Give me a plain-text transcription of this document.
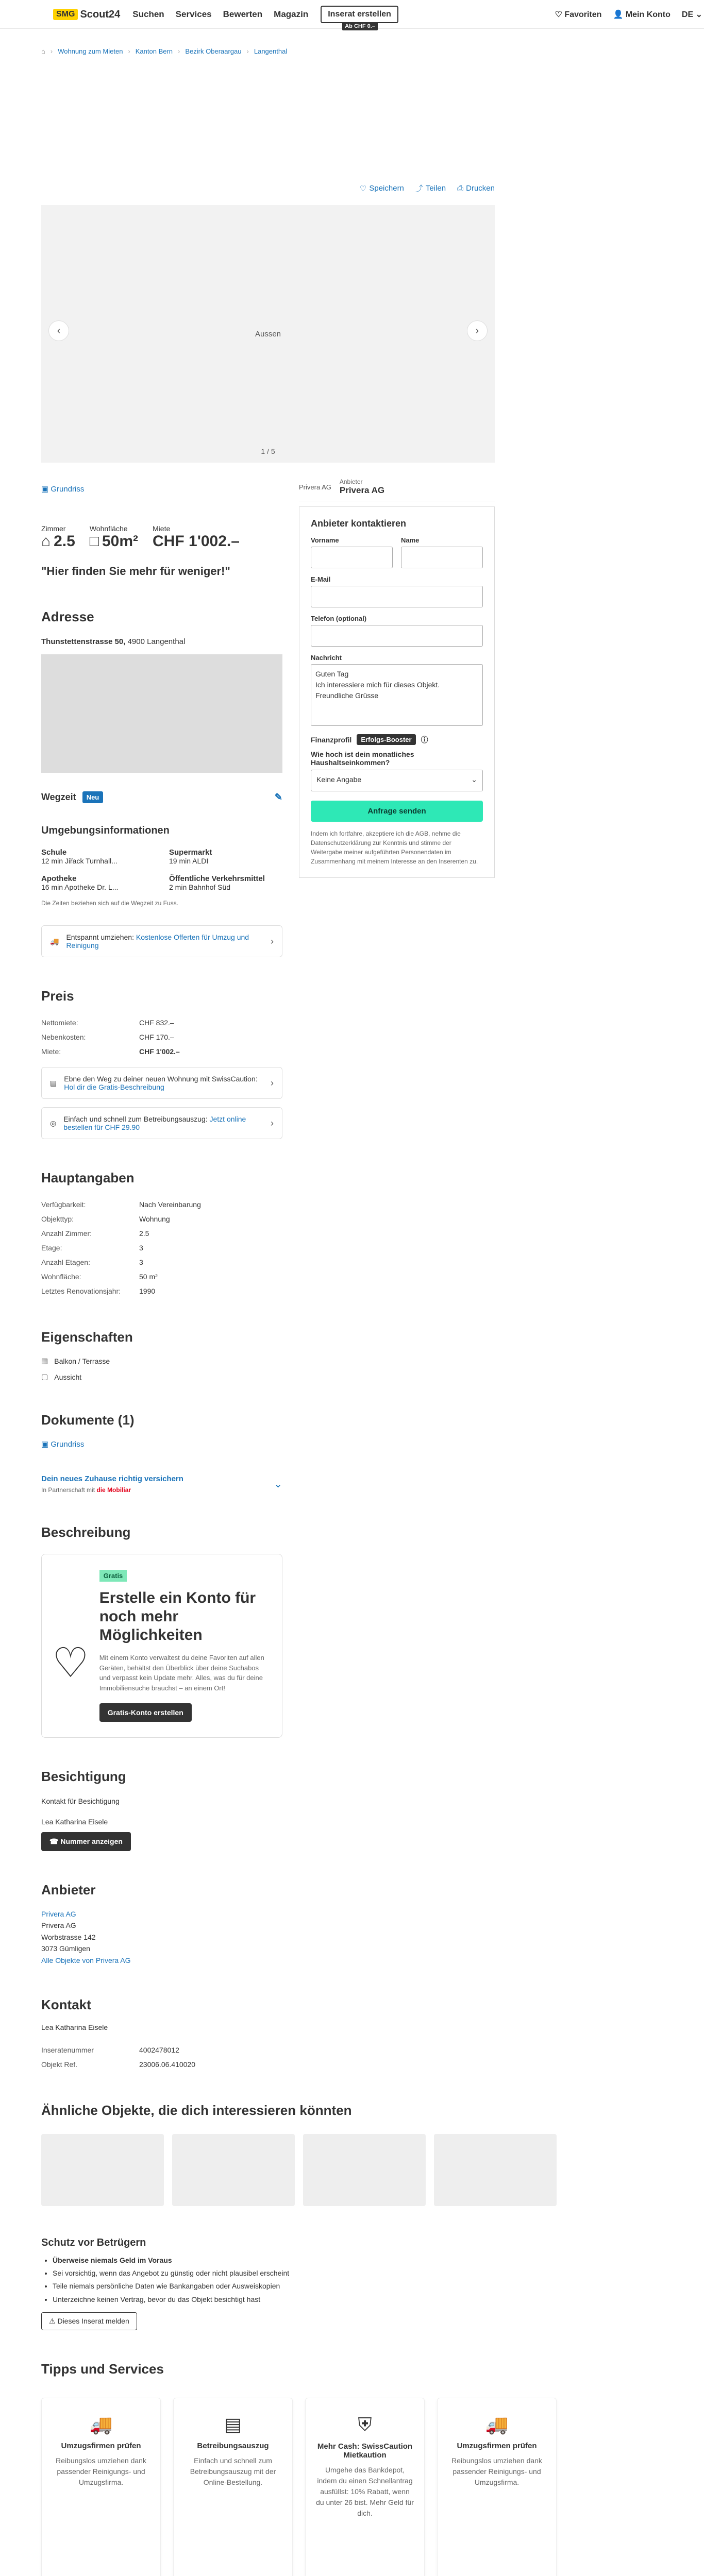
SMG Scout24 Suchen Services Bewerten Magazin	Inserat erstellen
Ab CHF 0.–
♡ Favoriten 👤 Mein Konto DE ⌄
⌂ › Wohnung zum Mieten › Kanton Bern › Bezirk Oberaargau › Langenthal
♡ Speichern ⤴ Teilen ⎙ Drucken
Aussen
‹	›
1 / 5
▣ Grundriss
Zimmer
⌂ 2.5
Wohnfläche
□ 50m²
Miete
CHF 1'002.–
"Hier finden Sie mehr für weniger!"
Adresse
Thunstettenstrasse 50, 4900 Langenthal
Wegzeit	Neu	✎
Umgebungsinformationen
Schule
12 min Jiřack Turnhall...
Supermarkt
19 min ALDI
Apotheke
16 min Apotheke Dr. L...
Öffentliche Verkehrsmittel
2 min Bahnhof Süd
Die Zeiten beziehen sich auf die Wegzeit zu Fuss.
🚚 Entspannt umziehen: Kostenlose Offerten für Umzug und Reinigung	›
Preis
Nettomiete:	CHF 832.–
Nebenkosten:	CHF 170.–
Miete:	CHF 1'002.–
▤ Ebne den Weg zu deiner neuen Wohnung mit SwissCaution: Hol dir die Gratis-Beschreibung	›
◎ Einfach und schnell zum Betreibungsauszug: Jetzt online bestellen für CHF 29.90	›
Hauptangaben
Verfügbarkeit:	Nach Vereinbarung
Objekttyp:	Wohnung
Anzahl Zimmer:	2.5
Etage:	3
Anzahl Etagen:	3
Wohnfläche:	50 m²
Letztes Renovationsjahr:	1990
Eigenschaften
▦ Balkon / Terrasse
▢ Aussicht
Dokumente (1)
▣ Grundriss
Dein neues Zuhause richtig versichern
In Partnerschaft mit die Mobiliar	⌄
Beschreibung
♡
Gratis
Erstelle ein Konto für noch mehr Möglichkeiten

Mit einem Konto verwaltest du deine Favoriten auf allen Geräten, behältst den Überblick über deine Suchabos und verpasst kein Update mehr. Alles, was du für deine Immobiliensuche brauchst – an einem Ort!

Gratis-Konto erstellen
Besichtigung
Kontakt für Besichtigung
Lea Katharina Eisele
☎ Nummer anzeigen
Anbieter
Privera AG
Privera AG
Worbstrasse 142
3073 Gümligen
Alle Objekte von Privera AG
Kontakt
Lea Katharina Eisele
Inseratenummer	4002478012
Objekt Ref.	23006.06.410020
Privera AG
Anbieter
Privera AG
Anbieter kontaktieren
Vorname	Name
E-Mail
Telefon (optional)
Nachricht
Guten Tag
Ich interessiere mich für dieses Objekt.
Freundliche Grüsse
Finanzprofil	Erfolgs-Booster	ⓘ
Wie hoch ist dein monatliches Haushaltseinkommen?
Keine Angabe	⌄
Anfrage senden
Indem ich fortfahre, akzeptiere ich die AGB, nehme die Datenschutzerklärung zur Kenntnis und stimme der Weitergabe meiner aufgeführten Personendaten im Zusammenhang mit meinem Interesse an den Inserenten zu.
Ähnliche Objekte, die dich interessieren könnten
Schutz vor Betrügern
• Überweise niemals Geld im Voraus
• Sei vorsichtig, wenn das Angebot zu günstig oder nicht plausibel erscheint
• Teile niemals persönliche Daten wie Bankangaben oder Ausweiskopien
• Unterzeichne keinen Vertrag, bevor du das Objekt besichtigt hast
⚠ Dieses Inserat melden
Tipps und Services
🚚
Umzugsfirmen prüfen

Reibungslos umziehen dank passender Reinigungs- und Umzugsfirma.

▤
Betreibungsauszug

Einfach und schnell zum Betreibungsauszug mit der Online-Bestellung.

⛨
Mehr Cash: SwissCaution Mietkaution

Umgehe das Bankdepot, indem du einen Schnellantrag ausfüllst: 10% Rabatt, wenn du unter 26 bist. Mehr Geld für dich.

🚚
Umzugsfirmen prüfen

Reibungslos umziehen dank passender Reinigungs- und Umzugsfirma.
